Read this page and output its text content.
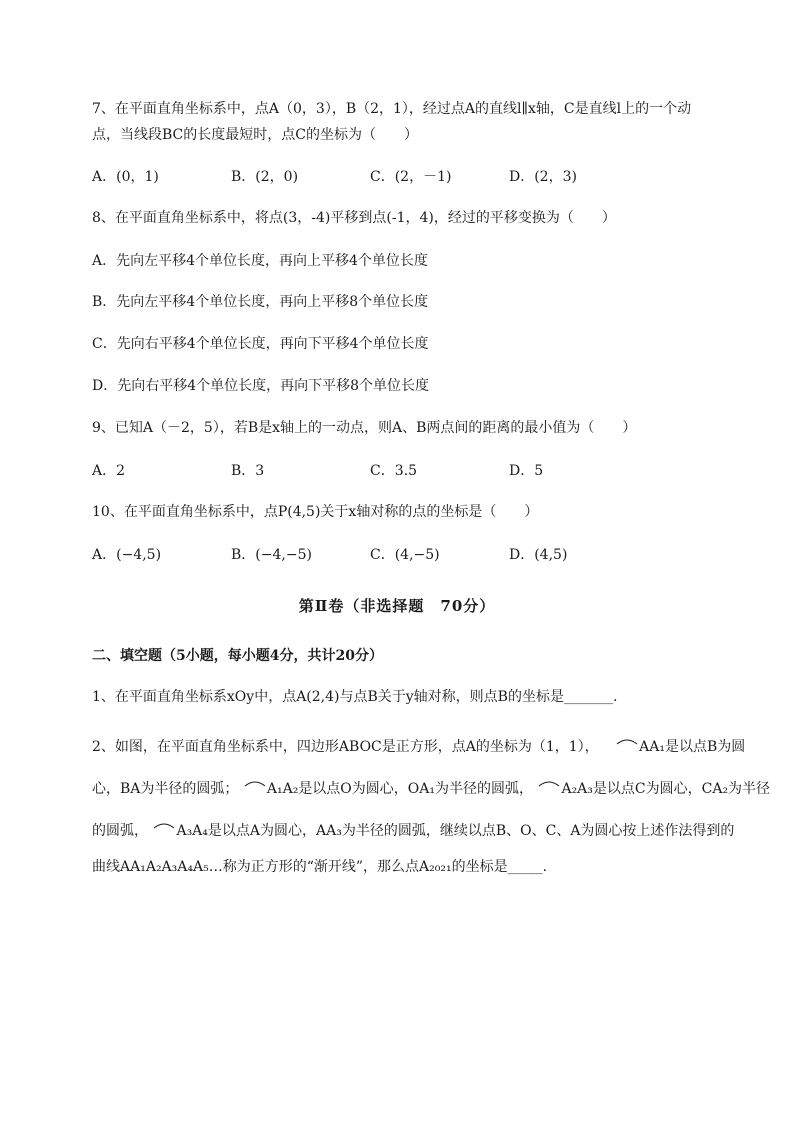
7、在平面直角坐标系中，点A（0，3），B（2，1），经过点A的直线l∥x轴，C是直线l上的一个动
点，当线段BC的长度最短时，点C的坐标为（　　）
A．(0，1)	B．(2，0)	C．(2，－1)	D．(2，3)
8、在平面直角坐标系中，将点(3，-4)平移到点(-1，4)，经过的平移变换为（　　）
A．先向左平移4个单位长度，再向上平移4个单位长度
B．先向左平移4个单位长度，再向上平移8个单位长度
C．先向右平移4个单位长度，再向下平移4个单位长度
D．先向右平移4个单位长度，再向下平移8个单位长度
9、已知A（－2，5），若B是x轴上的一动点，则A、B两点间的距离的最小值为（　　）
A．2	B．3	C．3.5	D．5
10、在平面直角坐标系中，点P(4,5)关于x轴对称的点的坐标是（　　）
A．(−4,5)	B．(−4,−5)	C．(4,−5)	D．(4,5)
第Ⅱ卷（非选择题　70分）
二、填空题（5小题，每小题4分，共计20分）
1、在平面直角坐标系xOy中，点A(2,4)与点B关于y轴对称，则点B的坐标是_______.
2、如图，在平面直角坐标系中，四边形ABOC是正方形，点A的坐标为（1，1），	AA₁是以点B为圆
心，BA为半径的圆弧； A₁A₂是以点O为圆心，OA₁为半径的圆弧， A₂A₃是以点C为圆心，CA₂为半径
的圆弧， A₃A₄是以点A为圆心，AA₃为半径的圆弧，继续以点B、O、C、A为圆心按上述作法得到的
曲线AA₁A₂A₃A₄A₅…称为正方形的“渐开线”，那么点A₂₀₂₁的坐标是_____.
